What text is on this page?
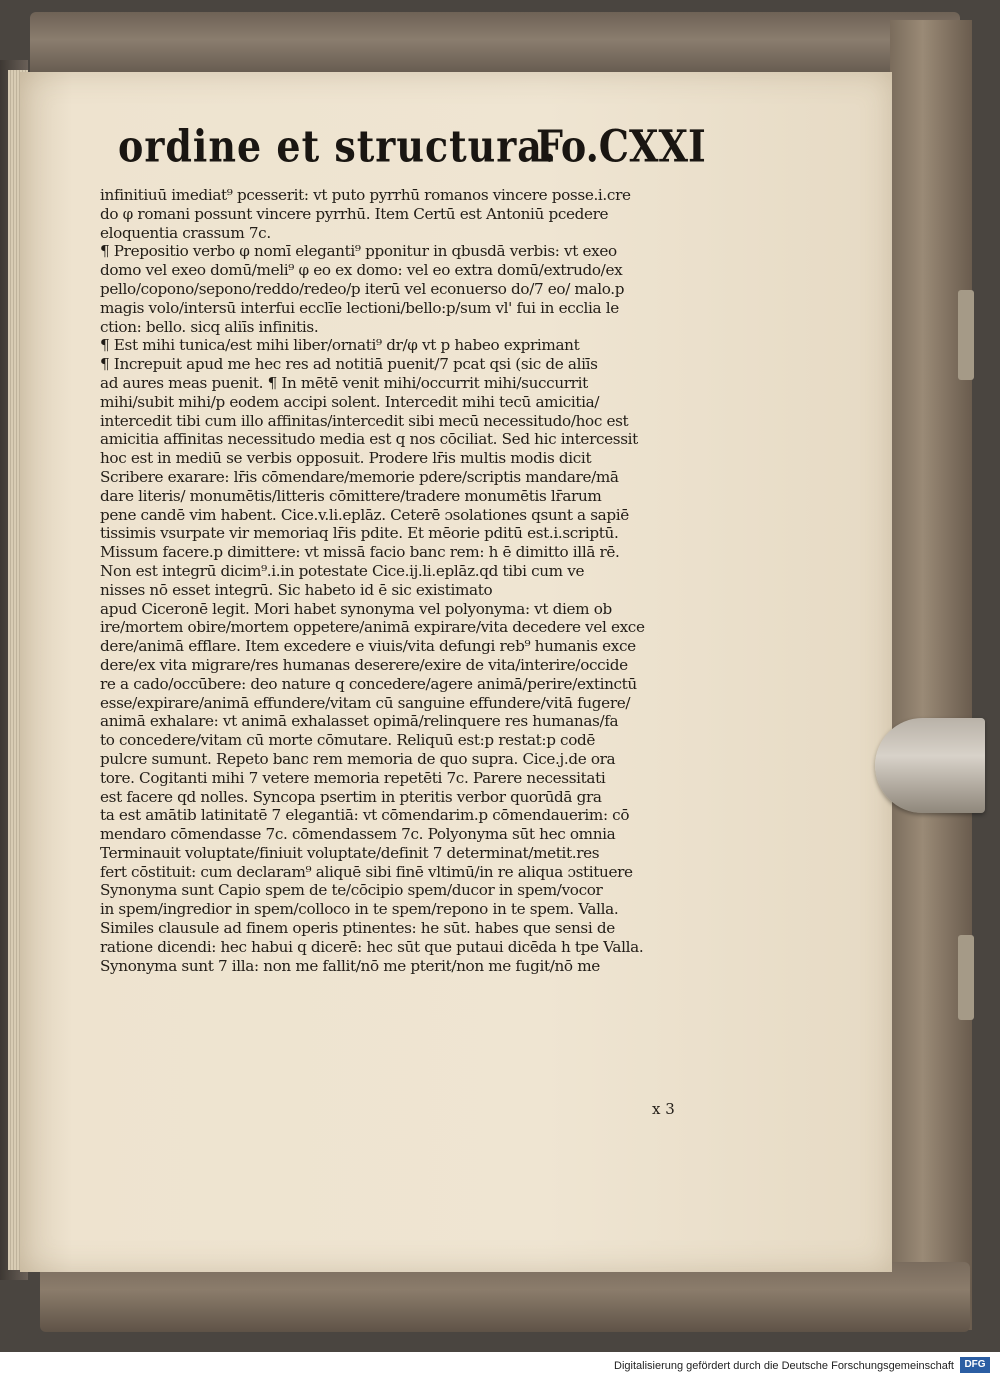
ordine et structura.
Fo.CXXI
infinitiuū imediat⁹ pcesserit: vt puto pyrrhū romanos vincere posse.i.cre
do φ romani possunt vincere pyrrhū. Item Certū est Antoniū pcedere
eloquentia crassum 7c.
¶ Prepositio verbo φ nomī eleganti⁹ pponitur in qbusdā verbis: vt exeo
domo vel exeo domū/meli⁹ φ eo ex domo: vel eo extra domū/extrudo/ex
pello/copono/sepono/reddo/redeo/p iterū vel econuerso do/7 eo/ malo.p
magis volo/intersū interfui ecclīe lectioni/bello:p/sum vl' fui in ecclia le
ction: bello. sicq aliīs infinitis.
¶ Est mihi tunica/est mihi liber/ornati⁹ dr/φ vt p habeo exprimant
¶ Increpuit apud me hec res ad notitiā puenit/7 pcat qsi (sic de aliīs
ad aures meas puenit. ¶ In mētē venit mihi/occurrit mihi/succurrit
mihi/subit mihi/p eodem accipi solent. Intercedit mihi tecū amicitia/
intercedit tibi cum illo affinitas/intercedit sibi mecū necessitudo/hoc est
amicitia affinitas necessitudo media est q nos cōciliat. Sed hic intercessit
hoc est in mediū se verbis opposuit. Prodere lr̄is multis modis dicit
Scribere exarare: lr̄is cōmendare/memorie pdere/scriptis mandare/mā
dare literis/ monumētis/litteris cōmittere/tradere monumētis lr̄arum
pene candē vim habent. Cice.v.li.eplāz. Ceterē ɔsolationes qsunt a sapiē
tissimis vsurpate vir memoriaq lr̄is pdite. Et mēorie pditū est.i.scriptū.
Missum facere.p dimittere: vt missā facio banc rem: h ē dimitto illā rē.
Non est integrū dicim⁹.i.in potestate Cice.ij.li.eplāz.qd tibi cum ve
nisses nō esset integrū. Sic habeto id ē sic existimato
apud Ciceronē legit. Mori habet synonyma vel polyonyma: vt diem ob
ire/mortem obire/mortem oppetere/animā expirare/vita decedere vel exce
dere/animā efflare. Item excedere e viuis/vita defungi reb⁹ humanis exce
dere/ex vita migrare/res humanas deserere/exire de vita/interire/occide
re a cado/occūbere: deo nature q concedere/agere animā/perire/extinctū
esse/expirare/animā effundere/vitam cū sanguine effundere/vitā fugere/
animā exhalare: vt animā exhalasset opimā/relinquere res humanas/fa
to concedere/vitam cū morte cōmutare. Reliquū est:p restat:p codē
pulcre sumunt. Repeto banc rem memoria de quo supra. Cice.j.de ora
tore. Cogitanti mihi 7 vetere memoria repetēti 7c. Parere necessitati
est facere qd nolles. Syncopa psertim in pteritis verbor quorūdā gra
ta est amātib latinitatē 7 elegantiā: vt cōmendarim.p cōmendauerim: cō
mendaro cōmendasse 7c. cōmendassem 7c. Polyonyma sūt hec omnia
Terminauit voluptate/finiuit voluptate/definit 7 determinat/metit.res
fert cōstituit: cum declaram⁹ aliquē sibi finē vltimū/in re aliqua ɔstituere
Synonyma sunt Capio spem de te/cōcipio spem/ducor in spem/vocor
in spem/ingredior in spem/colloco in te spem/repono in te spem. Valla.
Similes clausule ad finem operis ptinentes: he sūt. habes que sensi de
ratione dicendi: hec habui q dicerē: hec sūt que putaui dicēda h tpe Valla.
Synonyma sunt 7 illa: non me fallit/nō me pterit/non me fugit/nō me
x 3
Digitalisierung gefördert durch die Deutsche Forschungsgemeinschaft	DFG
